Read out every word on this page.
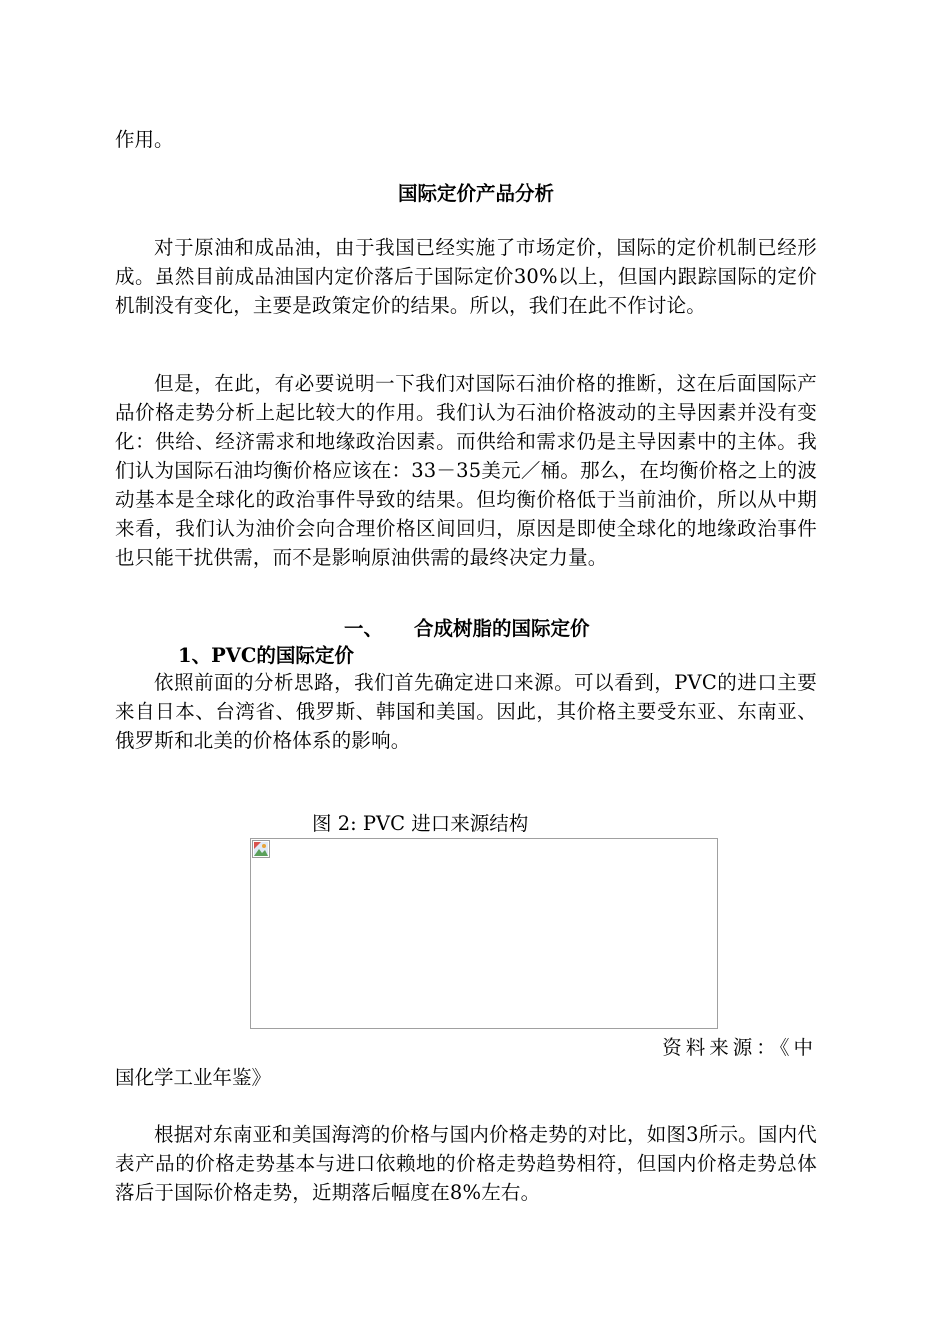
作用。

国际定价产品分析

对于原油和成品油，由于我国已经实施了市场定价，国际的定价机制已经形成。虽然目前成品油国内定价落后于国际定价30%以上，但国内跟踪国际的定价机制没有变化，主要是政策定价的结果。所以，我们在此不作讨论。

但是，在此，有必要说明一下我们对国际石油价格的推断，这在后面国际产品价格走势分析上起比较大的作用。我们认为石油价格波动的主导因素并没有变化：供给、经济需求和地缘政治因素。而供给和需求仍是主导因素中的主体。我们认为国际石油均衡价格应该在：33－35美元／桶。那么，在均衡价格之上的波动基本是全球化的政治事件导致的结果。但均衡价格低于当前油价，所以从中期来看，我们认为油价会向合理价格区间回归，原因是即使全球化的地缘政治事件也只能干扰供需，而不是影响原油供需的最终决定力量。

一、 合成树脂的国际定价

1、PVC的国际定价

依照前面的分析思路，我们首先确定进口来源。可以看到，PVC的进口主要来自日本、台湾省、俄罗斯、韩国和美国。因此，其价格主要受东亚、东南亚、俄罗斯和北美的价格体系的影响。

图 2: PVC 进口来源结构
资料来源：《中
国化学工业年鉴》

根据对东南亚和美国海湾的价格与国内价格走势的对比，如图3所示。国内代表产品的价格走势基本与进口依赖地的价格走势趋势相符，但国内价格走势总体落后于国际价格走势，近期落后幅度在8%左右。
